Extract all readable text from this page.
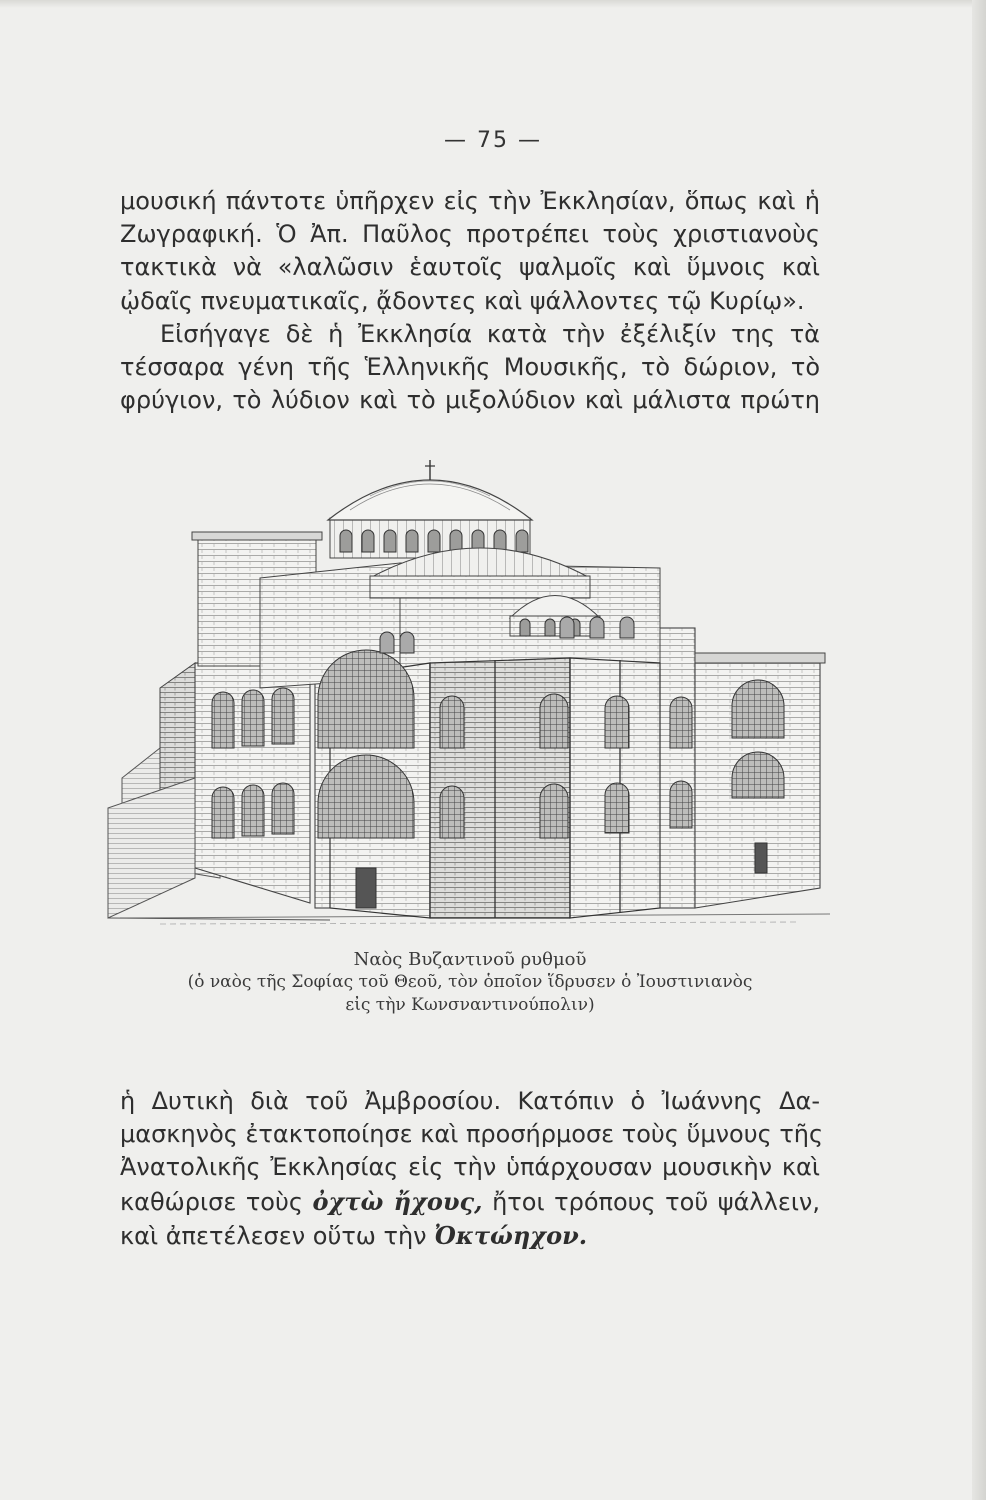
— 75 —
μουσική πάντοτε ὑπῆρχεν εἰς τὴν Ἐκκλησίαν, ὅπως καὶ ἡ
Ζωγραφική. Ὁ Ἀπ. Παῦλος προτρέπει τοὺς χριστιανοὺς
τακτικὰ νὰ «λαλῶσιν ἑαυτοῖς ψαλμοῖς καὶ ὕμνοις καὶ
ᾠδαῖς πνευματικαῖς, ᾄδοντες καὶ ψάλλοντες τῷ Κυρίῳ».
Εἰσήγαγε δὲ ἡ Ἐκκλησία κατὰ τὴν ἐξέλιξίν της τὰ
τέσσαρα γένη τῆς Ἑλληνικῆς Μουσικῆς, τὸ δώριον, τὸ
φρύγιον, τὸ λύδιον καὶ τὸ μιξολύδιον καὶ μάλιστα πρώτη
Ναὸς Βυζαντινοῦ ρυθμοῦ
(ὁ ναὸς τῆς Σοφίας τοῦ Θεοῦ, τὸν ὁποῖον ἵδρυσεν ὁ Ἰουστινιανὸς
εἰς τὴν Κωνσναντινούπολιν)
ἡ Δυτικὴ διὰ τοῦ Ἀμβροσίου. Κατόπιν ὁ Ἰωάννης Δα-
μασκηνὸς ἐτακτοποίησε καὶ προσήρμοσε τοὺς ὕμνους τῆς
Ἀνατολικῆς Ἐκκλησίας εἰς τὴν ὑπάρχουσαν μουσικὴν καὶ
καθώρισε τοὺς ὀχτὼ ἤχους, ἤτοι τρόπους τοῦ ψάλλειν,
καὶ ἀπετέλεσεν οὕτω τὴν Ὀκτώηχον.
